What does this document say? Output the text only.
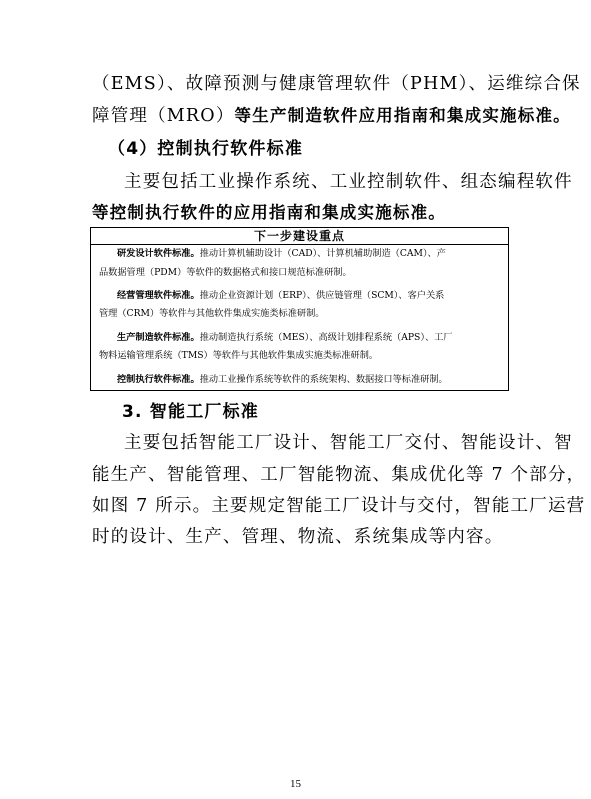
（EMS）、故障预测与健康管理软件（PHM）、运维综合保
障管理（MRO）等生产制造软件应用指南和集成实施标准。
（4）控制执行软件标准
主要包括工业操作系统、工业控制软件、组态编程软件
等控制执行软件的应用指南和集成实施标准。
下一步建设重点
研发设计软件标准。推动计算机辅助设计（CAD）、计算机辅助制造（CAM）、产
品数据管理（PDM）等软件的数据格式和接口规范标准研制。
经营管理软件标准。推动企业资源计划（ERP）、供应链管理（SCM）、客户关系
管理（CRM）等软件与其他软件集成实施类标准研制。
生产制造软件标准。推动制造执行系统（MES）、高级计划排程系统（APS）、工厂
物料运输管理系统（TMS）等软件与其他软件集成实施类标准研制。
控制执行软件标准。推动工业操作系统等软件的系统架构、数据接口等标准研制。
3. 智能工厂标准
主要包括智能工厂设计、智能工厂交付、智能设计、智
能生产、智能管理、工厂智能物流、集成优化等 7 个部分，
如图 7 所示。主要规定智能工厂设计与交付，智能工厂运营
时的设计、生产、管理、物流、系统集成等内容。
15
